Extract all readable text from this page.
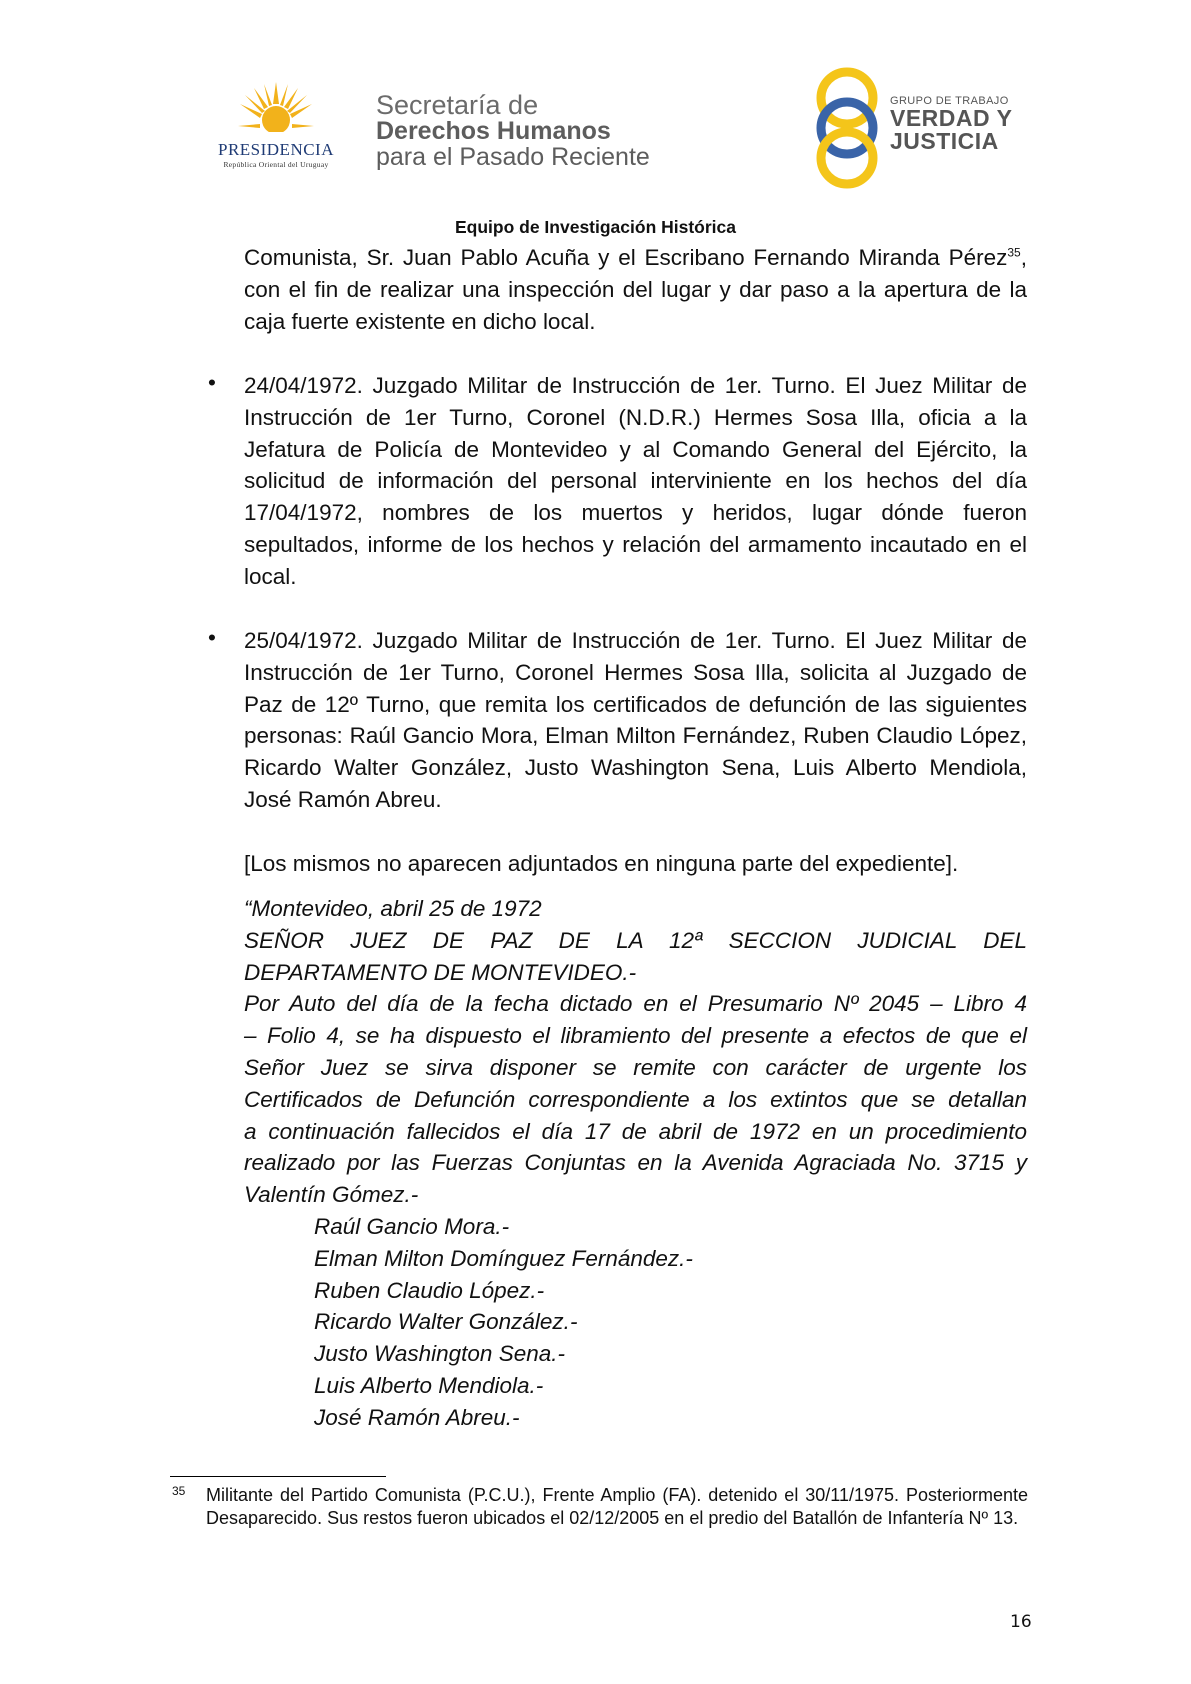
PRESIDENCIA
República Oriental del Uruguay
Secretaría de
Derechos Humanos
para el Pasado Reciente
GRUPO DE TRABAJO
VERDAD Y
JUSTICIA
Equipo de Investigación Histórica
Comunista, Sr. Juan Pablo Acuña y el Escribano Fernando Miranda Pérez$^{35}$, con el fin de realizar una inspección del lugar y dar paso a la apertura de la caja fuerte existente en dicho local.
• 24/04/1972. Juzgado Militar de Instrucción de 1er. Turno. El Juez Militar de Instrucción de 1er Turno, Coronel (N.D.R.) Hermes Sosa Illa, oficia a la Jefatura de Policía de Montevideo y al Comando General del Ejército, la solicitud de información del personal interviniente en los hechos del día 17/04/1972, nombres de los muertos y heridos, lugar dónde fueron sepultados, informe de los hechos y relación del armamento incautado en el local.
• 25/04/1972. Juzgado Militar de Instrucción de 1er. Turno. El Juez Militar de Instrucción de 1er Turno, Coronel Hermes Sosa Illa, solicita al Juzgado de Paz de 12º Turno, que remita los certificados de defunción de las siguientes personas: Raúl Gancio Mora, Elman Milton Fernández, Ruben Claudio López, Ricardo Walter González, Justo Washington Sena, Luis Alberto Mendiola, José Ramón Abreu.
[Los mismos no aparecen adjuntados en ninguna parte del expediente].
“Montevideo, abril 25 de 1972
SEÑOR JUEZ DE PAZ DE LA 12ª SECCION JUDICIAL DEL
DEPARTAMENTO DE MONTEVIDEO.-
Por Auto del día de la fecha dictado en el Presumario Nº 2045 – Libro 4
– Folio 4, se ha dispuesto el libramiento del presente a efectos de que el
Señor Juez se sirva disponer se remite con carácter de urgente los
Certificados de Defunción correspondiente a los extintos que se detallan
a continuación fallecidos el día 17 de abril de 1972 en un procedimiento
realizado por las Fuerzas Conjuntas en la Avenida Agraciada No. 3715 y
Valentín Gómez.-
Raúl Gancio Mora.-
Elman Milton Domínguez Fernández.-
Ruben Claudio López.-
Ricardo Walter González.-
Justo Washington Sena.-
Luis Alberto Mendiola.-
José Ramón Abreu.-
35 Militante del Partido Comunista (P.C.U.), Frente Amplio (FA). detenido el 30/11/1975. Posteriormente Desaparecido. Sus restos fueron ubicados el 02/12/2005 en el predio del Batallón de Infantería Nº 13.
16
